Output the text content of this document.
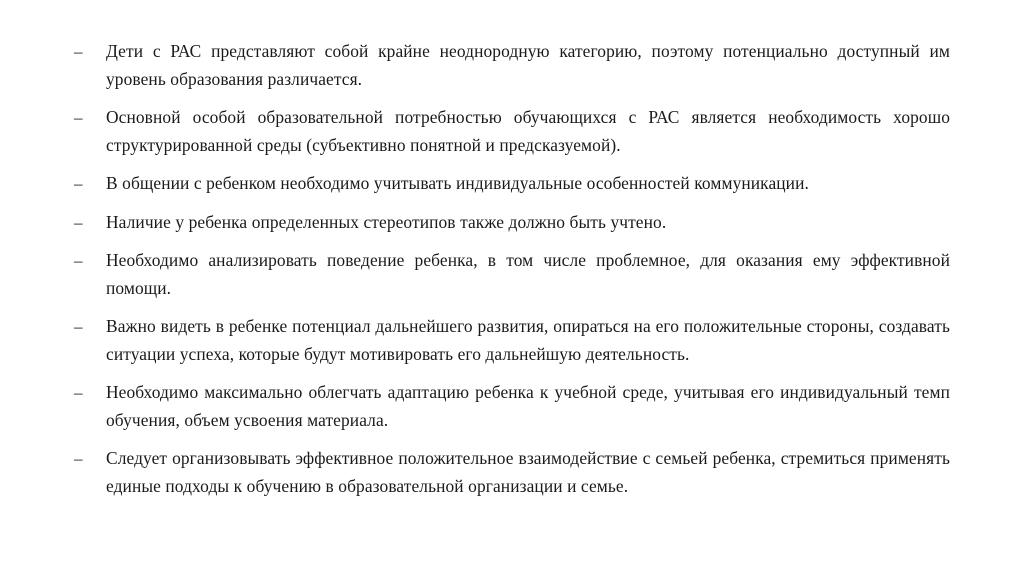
–	Дети с РАС представляют собой крайне неоднородную категорию, поэтому потенциально доступный им уровень образования различается.
–	Основной особой образовательной потребностью обучающихся с РАС является необходимость хорошо структурированной среды (субъективно понятной и предсказуемой).
–	В общении с ребенком необходимо учитывать индивидуальные особенностей коммуникации.
–	Наличие у ребенка определенных стереотипов также должно быть учтено.
–	Необходимо анализировать поведение ребенка, в том числе проблемное, для оказания ему эффективной помощи.
–	Важно видеть в ребенке потенциал дальнейшего развития, опираться на его положительные стороны, создавать ситуации успеха, которые будут мотивировать его дальнейшую деятельность.
–	Необходимо максимально облегчать адаптацию ребенка к учебной среде, учитывая его индивидуальный темп обучения, объем усвоения материала.
–	Следует организовывать эффективное положительное взаимодействие с семьей ребенка, стремиться применять единые подходы к обучению в образовательной организации и семье.
